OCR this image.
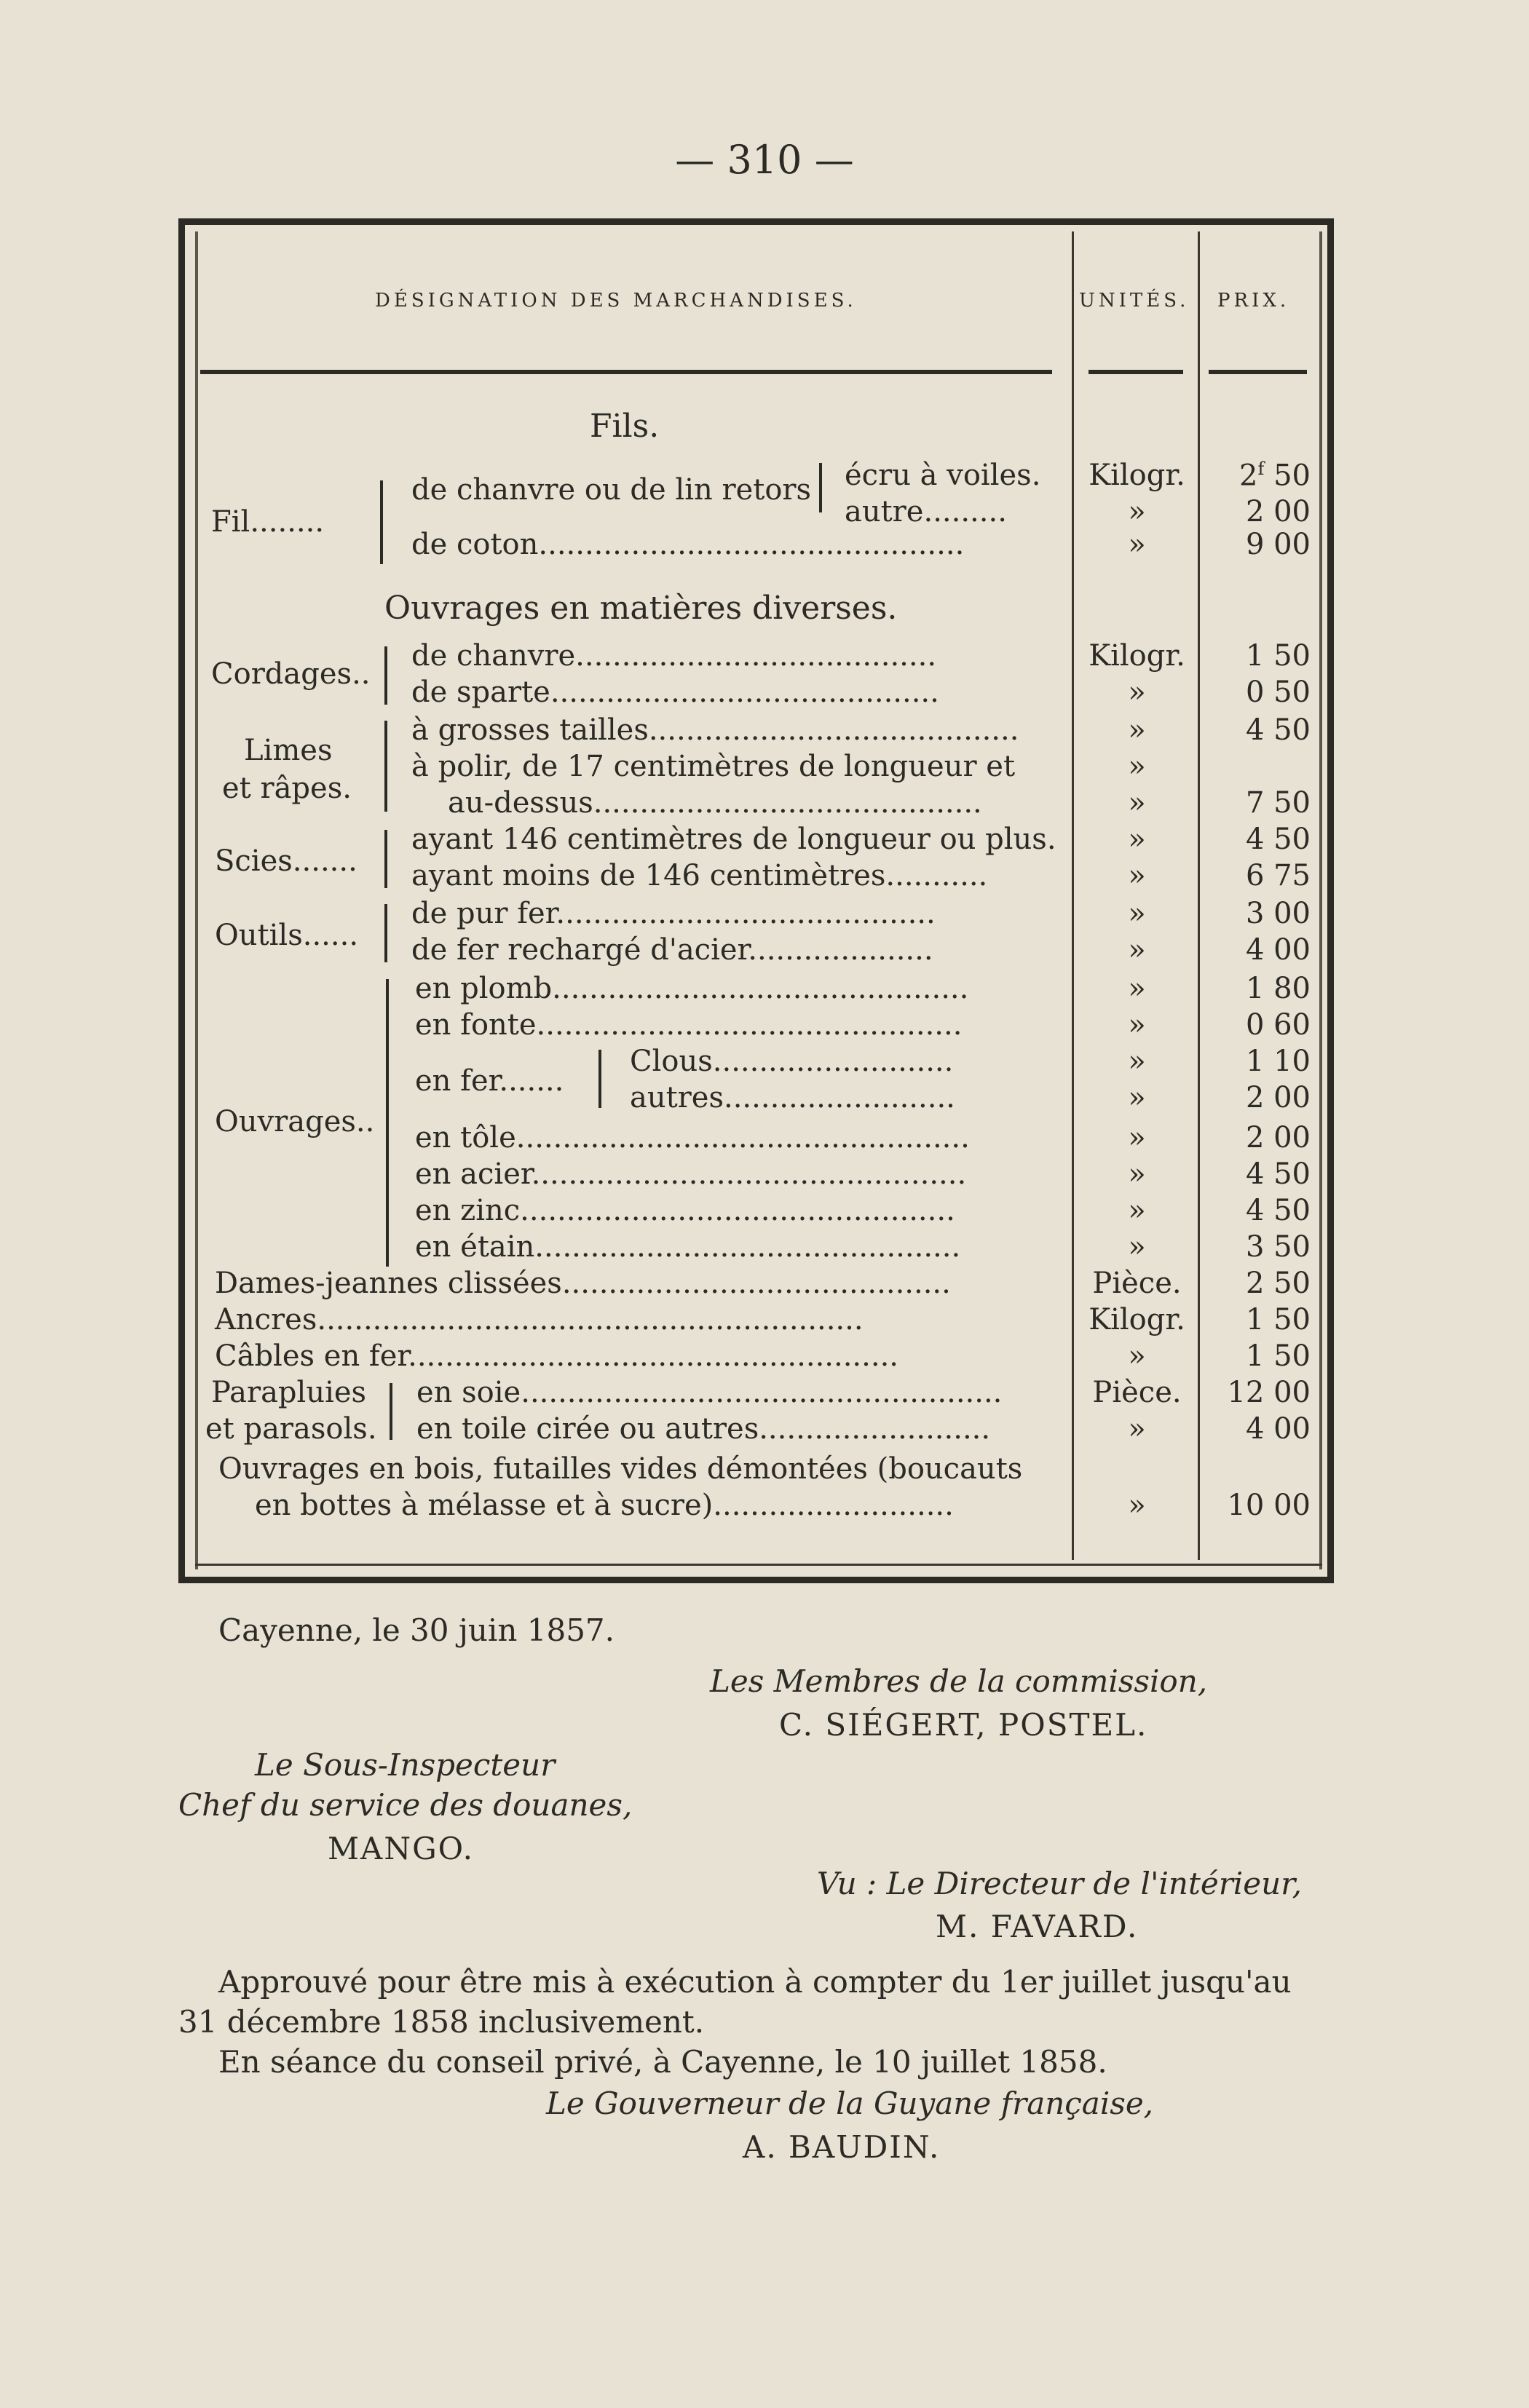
— 310 —
DÉSIGNATION DES MARCHANDISES.	UNITÉS. PRIX.
Fils.
Fil........
de chanvre ou de lin retors écru à voiles.	Kilogr.	2$^f$ 50
autre.........	»	2 00
de coton..............................................	»	9 00
Ouvrages en matières diverses.
Cordages..
de chanvre.......................................	Kilogr.	1 50
de sparte..........................................	»	0 50
Limes
et râpes.
à grosses tailles........................................	»	4 50
à polir, de 17 centimètres de longueur et	»
au-dessus..........................................	»	7 50
Scies.......
ayant 146 centimètres de longueur ou plus.	»	4 50
ayant moins de 146 centimètres...........	»	6 75
Outils......
de pur fer.........................................	»	3 00
de fer rechargé d'acier....................	»	4 00
Ouvrages..
en plomb.............................................	»	1 80
en fonte..............................................	»	0 60
en fer.......
Clous..........................	»	1 10
autres.........................	»	2 00
en tôle.................................................	»	2 00
en acier...............................................	»	4 50
en zinc...............................................	»	4 50
en étain..............................................	»	3 50
Dames-jeannes clissées..........................................	Pièce.	2 50
Ancres...........................................................	Kilogr.	1 50
Câbles en fer.....................................................	»	1 50
Parapluies
et parasols.
en soie....................................................	Pièce.	12 00
en toile cirée ou autres.........................	»	4 00
Ouvrages en bois, futailles vides démontées (boucauts
en bottes à mélasse et à sucre)..........................	»	10 00
Cayenne, le 30 juin 1857.
Les Membres de la commission,
C. SIÉGERT, POSTEL.
Le Sous-Inspecteur
Chef du service des douanes,
MANGO.
Vu : Le Directeur de l'intérieur,
M. FAVARD.
Approuvé pour être mis à exécution à compter du 1er juillet jusqu'au
31 décembre 1858 inclusivement.
En séance du conseil privé, à Cayenne, le 10 juillet 1858.
Le Gouverneur de la Guyane française,
A. BAUDIN.
